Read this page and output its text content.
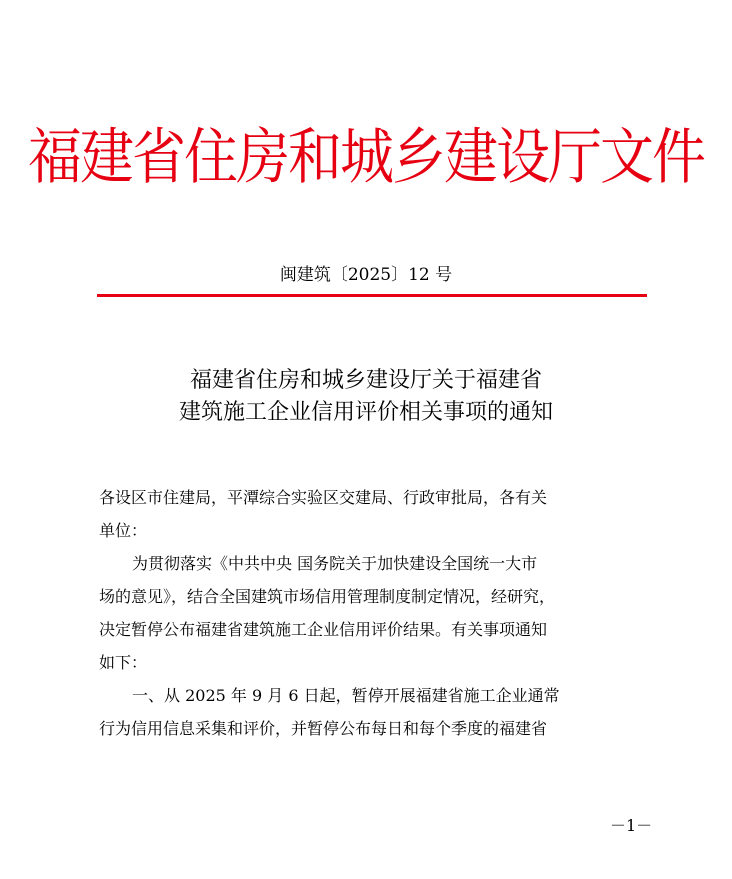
福建省住房和城乡建设厅文件
闽建筑〔2025〕12 号
福建省住房和城乡建设厅关于福建省
建筑施工企业信用评价相关事项的通知
各设区市住建局，平潭综合实验区交建局、行政审批局，各有关
单位：
为贯彻落实《中共中央 国务院关于加快建设全国统一大市
场的意见》，结合全国建筑市场信用管理制度制定情况，经研究，
决定暂停公布福建省建筑施工企业信用评价结果。有关事项通知
如下：
一、从 2025 年 9 月 6 日起，暂停开展福建省施工企业通常
行为信用信息采集和评价，并暂停公布每日和每个季度的福建省
－1－
